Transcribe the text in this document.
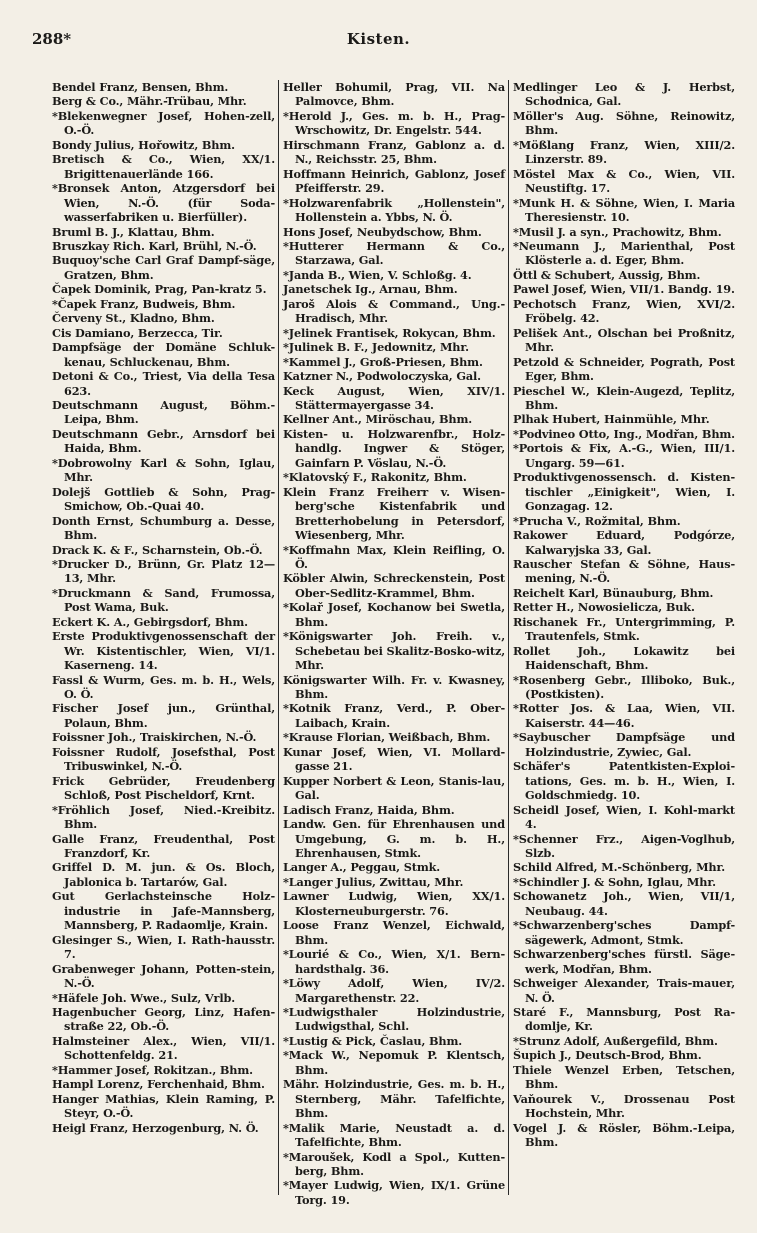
288*	Kisten.
Bendel Franz, Bensen, Bhm.
Berg & Co., Mähr.-Trübau, Mhr.
*Blekenwegner Josef, Hohen-zell, O.-Ö.
Bondy Julius, Hořowitz, Bhm.
Bretisch & Co., Wien, XX/1. Brigittenauerlände 166.
*Bronsek Anton, Atzgersdorf bei Wien, N.-Ö. (für Soda-wasserfabriken u. Bierfüller).
Bruml B. J., Klattau, Bhm.
Bruszkay Rich. Karl, Brühl, N.-Ö.
Buquoy'sche Carl Graf Dampf-säge, Gratzen, Bhm.
Čapek Dominik, Prag, Pan-kratz 5.
*Čapek Franz, Budweis, Bhm.
Červeny St., Kladno, Bhm.
Cis Damiano, Berzecca, Tir.
Dampfsäge der Domäne Schluk-kenau, Schluckenau, Bhm.
Detoni & Co., Triest, Via della Tesa 623.
Deutschmann August, Böhm.-Leipa, Bhm.
Deutschmann Gebr., Arnsdorf bei Haida, Bhm.
*Dobrowolny Karl & Sohn, Iglau, Mhr.
Dolejš Gottlieb & Sohn, Prag-Smichow, Ob.-Quai 40.
Donth Ernst, Schumburg a. Desse, Bhm.
Drack K. & F., Scharnstein, Ob.-Ö.
*Drucker D., Brünn, Gr. Platz 12—13, Mhr.
*Druckmann & Sand, Frumossa, Post Wama, Buk.
Eckert K. A., Gebirgsdorf, Bhm.
Erste Produktivgenossenschaft der Wr. Kistentischler, Wien, VI/1. Kaserneng. 14.
Fassl & Wurm, Ges. m. b. H., Wels, O. Ö.
Fischer Josef jun., Grünthal, Polaun, Bhm.
Foissner Joh., Traiskirchen, N.-Ö.
Foissner Rudolf, Josefsthal, Post Tribuswinkel, N.-Ö.
Frick Gebrüder, Freudenberg Schloß, Post Pischeldorf, Krnt.
*Fröhlich Josef, Nied.-Kreibitz. Bhm.
Galle Franz, Freudenthal, Post Franzdorf, Kr.
Griffel D. M. jun. & Os. Bloch, Jablonica b. Tartarów, Gal.
Gut Gerlachsteinsche Holz-industrie in Jafe-Mannsberg, Mannsberg, P. Radaomlje, Krain.
Glesinger S., Wien, I. Rath-hausstr. 7.
Grabenweger Johann, Potten-stein, N.-Ö.
*Häfele Joh. Wwe., Sulz, Vrlb.
Hagenbucher Georg, Linz, Hafen-straße 22, Ob.-Ö.
Halmsteiner Alex., Wien, VII/1. Schottenfeldg. 21.
*Hammer Josef, Rokitzan., Bhm.
Hampl Lorenz, Ferchenhaid, Bhm.
Hanger Mathias, Klein Raming, P. Steyr, O.-Ö.
Heigl Franz, Herzogenburg, N. Ö.
Heller Bohumil, Prag, VII. Na Palmovce, Bhm.
*Herold J., Ges. m. b. H., Prag-Wrschowitz, Dr. Engelstr. 544.
Hirschmann Franz, Gablonz a. d. N., Reichsstr. 25, Bhm.
Hoffmann Heinrich, Gablonz, Josef Pfeifferstr. 29.
*Holzwarenfabrik „Hollenstein", Hollenstein a. Ybbs, N. Ö.
Hons Josef, Neubydschow, Bhm.
*Hutterer Hermann & Co., Starzawa, Gal.
*Janda B., Wien, V. Schloßg. 4.
Janetschek Ig., Arnau, Bhm.
Jaroš Alois & Command., Ung.-Hradisch, Mhr.
*Jelinek Frantisek, Rokycan, Bhm.
*Julinek B. F., Jedownitz, Mhr.
*Kammel J., Groß-Priesen, Bhm.
Katzner N., Podwoloczyska, Gal.
Keck August, Wien, XIV/1. Stättermayergasse 34.
Kellner Ant., Miröschau, Bhm.
Kisten- u. Holzwarenfbr., Holz-handlg. Ingwer & Stöger, Gainfarn P. Vöslau, N.-Ö.
*Klatovský F., Rakonitz, Bhm.
Klein Franz Freiherr v. Wisen-berg'sche Kistenfabrik und Bretterhobelung in Petersdorf, Wiesenberg, Mhr.
*Koffmahn Max, Klein Reifling, O. Ö.
Köbler Alwin, Schreckenstein, Post Ober-Sedlitz-Krammel, Bhm.
*Kolař Josef, Kochanow bei Swetla, Bhm.
*Königswarter Joh. Freih. v., Schebetau bei Skalitz-Bosko-witz, Mhr.
Königswarter Wilh. Fr. v. Kwasney, Bhm.
*Kotnik Franz, Verd., P. Ober-Laibach, Krain.
*Krause Florian, Weißbach, Bhm.
Kunar Josef, Wien, VI. Mollard-gasse 21.
Kupper Norbert & Leon, Stanis-lau, Gal.
Ladisch Franz, Haida, Bhm.
Landw. Gen. für Ehrenhausen und Umgebung, G. m. b. H., Ehrenhausen, Stmk.
Langer A., Peggau, Stmk.
*Langer Julius, Zwittau, Mhr.
Lawner Ludwig, Wien, XX/1. Klosterneuburgerstr. 76.
Loose Franz Wenzel, Eichwald, Bhm.
*Lourié & Co., Wien, X/1. Bern-hardsthalg. 36.
*Löwy Adolf, Wien, IV/2. Margarethenstr. 22.
*Ludwigsthaler Holzindustrie, Ludwigsthal, Schl.
*Lustig & Pick, Časlau, Bhm.
*Mack W., Nepomuk P. Klentsch, Bhm.
Mähr. Holzindustrie, Ges. m. b. H., Sternberg, Mähr. Tafelfichte, Bhm.
*Malik Marie, Neustadt a. d. Tafelfichte, Bhm.
*Maroušek, Kodl a Spol., Kutten-berg, Bhm.
*Mayer Ludwig, Wien, IX/1. Grüne Torg. 19.
Medlinger Leo & J. Herbst, Schodnica, Gal.
Möller's Aug. Söhne, Reinowitz, Bhm.
*Mößlang Franz, Wien, XIII/2. Linzerstr. 89.
Möstel Max & Co., Wien, VII. Neustiftg. 17.
*Munk H. & Söhne, Wien, I. Maria Theresienstr. 10.
*Musil J. a syn., Prachowitz, Bhm.
*Neumann J., Marienthal, Post Klösterle a. d. Eger, Bhm.
Öttl & Schubert, Aussig, Bhm.
Pawel Josef, Wien, VII/1. Bandg. 19.
Pechotsch Franz, Wien, XVI/2. Fröbelg. 42.
Pelišek Ant., Olschan bei Proßnitz, Mhr.
Petzold & Schneider, Pograth, Post Eger, Bhm.
Pieschel W., Klein-Augezd, Teplitz, Bhm.
Plhak Hubert, Hainmühle, Mhr.
*Podvineo Otto, Ing., Modřan, Bhm.
*Portois & Fix, A.-G., Wien, III/1. Ungarg. 59—61.
Produktivgenossensch. d. Kisten-tischler „Einigkeit", Wien, I. Gonzagag. 12.
*Prucha V., Rožmital, Bhm.
Rakower Eduard, Podgórze, Kalwaryjska 33, Gal.
Rauscher Stefan & Söhne, Haus-mening, N.-Ö.
Reichelt Karl, Bünauburg, Bhm.
Retter H., Nowosielicza, Buk.
Rischanek Fr., Untergrimming, P. Trautenfels, Stmk.
Rollet Joh., Lokawitz bei Haidenschaft, Bhm.
*Rosenberg Gebr., Illiboko, Buk., (Postkisten).
*Rotter Jos. & Laa, Wien, VII. Kaiserstr. 44—46.
*Saybuscher Dampfsäge und Holzindustrie, Zywiec, Gal.
Schäfer's Patentkisten-Exploi-tations, Ges. m. b. H., Wien, I. Goldschmiedg. 10.
Scheidl Josef, Wien, I. Kohl-markt 4.
*Schenner Frz., Aigen-Voglhub, Slzb.
Schild Alfred, M.-Schönberg, Mhr.
*Schindler J. & Sohn, Iglau, Mhr.
Schowanetz Joh., Wien, VII/1, Neubaug. 44.
*Schwarzenberg'sches Dampf-sägewerk, Admont, Stmk.
Schwarzenberg'sches fürstl. Säge-werk, Modřan, Bhm.
Schweiger Alexander, Trais-mauer, N. Ö.
Staré F., Mannsburg, Post Ra-domlje, Kr.
*Strunz Adolf, Außergefild, Bhm.
Šupich J., Deutsch-Brod, Bhm.
Thiele Wenzel Erben, Tetschen, Bhm.
Vaňourek V., Drossenau Post Hochstein, Mhr.
Vogel J. & Rösler, Böhm.-Leipa, Bhm.
